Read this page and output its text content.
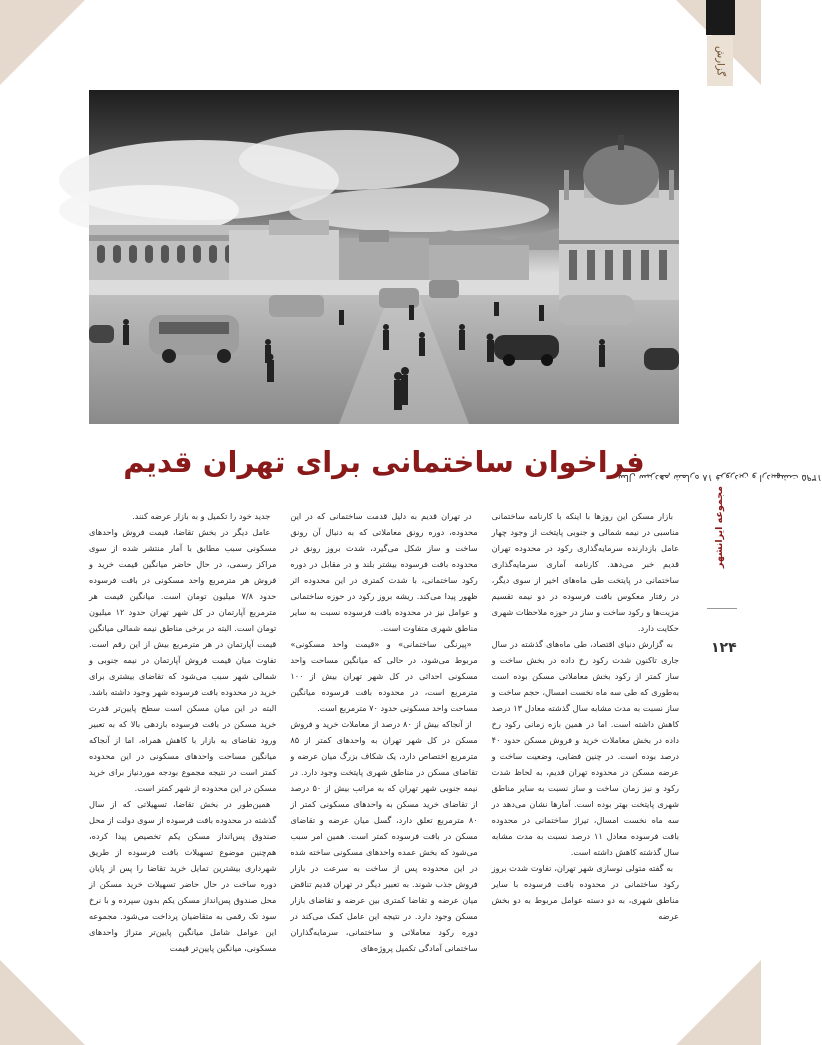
گزارش
مجموعه ایرانشهر سال سیزدهم شماره ۱۸ فروردین و اردیبهشت ۱۳۹۵
۱۲۴
فراخوان ساختمانی برای تهران قدیم

بازار مسکن این روزها با اینکه با کارنامه ساختمانی مناسبی در نیمه شمالی و جنوبی پایتخت از وجود چهار عامل بازدارنده سرمایه‌گذاری رکود در محدوده تهران قدیم خبر می‌دهد. کارنامه آماری سرمایه‌گذاری ساختمانی در پایتخت طی ماه‌های اخیر از سوی دیگر، در رفتار معکوس بافت فرسوده در دو نیمه تقسیم مزیت‌ها و رکود ساخت و ساز در حوزه ملاحظات شهری حکایت دارد.

به گزارش دنیای اقتصاد، طی ماه‌های گذشته در سال جاری تاکنون شدت رکود رخ داده در بخش ساخت و ساز کمتر از رکود بخش معاملاتی مسکن بوده است به‌طوری که طی سه ماه نخست امسال، حجم ساخت و ساز نسبت به مدت مشابه سال گذشته معادل ۱۳ درصد کاهش داشته است. اما در همین بازه زمانی رکود رخ داده در بخش معاملات خرید و فروش مسکن حدود ۴۰ درصد بوده است. در چنین فضایی، وضعیت ساخت و عرضه مسکن در محدوده تهران قدیم، به لحاظ شدت رکود و نیز زمان ساخت و ساز نسبت به سایر مناطق شهری پایتخت بهتر بوده است. آمارها نشان می‌دهد در سه ماه نخست امسال، تیراژ ساختمانی در محدوده بافت فرسوده معادل ۱۱ درصد نسبت به مدت مشابه سال گذشته کاهش داشته است.

به گفته متولی نوسازی شهر تهران، تفاوت شدت بروز رکود ساختمانی در محدوده بافت فرسوده با سایر مناطق شهری، به دو دسته عوامل مربوط به دو بخش عرضه

در تهران قدیم به دلیل قدمت ساختمانی که در این محدوده، دوره رونق معاملاتی که به دنبال آن رونق ساخت و ساز شکل می‌گیرد، شدت بروز رونق در محدوده بافت فرسوده بیشتر بلند و در مقابل در دوره رکود ساختمانی، با شدت کمتری در این محدوده اثر ظهور پیدا می‌کند. ریشه بروز رکود در حوزه ساختمانی و عوامل نیز در محدوده بافت فرسوده نسبت به سایر مناطق شهری متفاوت است.

«پیرنگی ساختمانی» و «قیمت واحد مسکونی» مربوط می‌شود، در حالی که میانگین مساحت واحد مسکونی احداثی در کل شهر تهران بیش از ۱۰۰ مترمربع است، در محدوده بافت فرسوده میانگین مساحت واحد مسکونی حدود ۷۰ مترمربع است.

از آنجاکه بیش از ۸۰ درصد از معاملات خرید و فروش مسکن در کل شهر تهران به واحدهای کمتر از ۸۵ مترمربع اختصاص دارد، یک شکاف بزرگ میان عرضه و تقاضای مسکن در مناطق شهری پایتخت وجود دارد. در نیمه جنوبی شهر تهران که به مراتب بیش از ۵۰ درصد از تقاضای خرید مسکن به واحدهای مسکونی کمتر از ۸۰ مترمربع تعلق دارد، گسل میان عرضه و تقاضای مسکن در بافت فرسوده کمتر است. همین امر سبب می‌شود که بخش عمده واحدهای مسکونی ساخته شده در این محدوده پس از ساخت به سرعت در بازار فروش جذب شوند. به تعبیر دیگر در تهران قدیم تناقض میان عرضه و تقاضا کمتری بین عرضه و تقاضای بازار مسکن وجود دارد. در نتیجه این عامل کمک می‌کند در دوره رکود معاملاتی و ساختمانی، سرمایه‌گذاران ساختمانی آمادگی تکمیل پروژه‌های

جدید خود را تکمیل و به بازار عرضه کنند.

عامل دیگر در بخش تقاضا، قیمت فروش واحدهای مسکونی سبب مطابق با آمار منتشر شده از سوی مراکز رسمی، در حال حاضر میانگین قیمت خرید و فروش هر مترمربع واحد مسکونی در بافت فرسوده حدود ۷/۸ میلیون تومان است. میانگین قیمت هر مترمربع آپارتمان در کل شهر تهران حدود ۱۲ میلیون تومان است. البته در برخی مناطق نیمه شمالی میانگین قیمت آپارتمان در هر مترمربع بیش از این رقم است. تفاوت میان قیمت فروش آپارتمان در نیمه جنوبی و شمالی شهر سبب می‌شود که تقاضای بیشتری برای خرید در محدوده بافت فرسوده شهر وجود داشته باشد. البته در این میان مسکن است سطح پایین‌تر قدرت خرید مسکن در بافت فرسوده بازدهی بالا که به تعبیر ورود تقاضای به بازار با کاهش همراه، اما از آنجاکه میانگین مساحت واحدهای مسکونی در این محدوده کمتر است در نتیجه مجموع بودجه موردنیاز برای خرید مسکن در این محدوده از شهر کمتر است.

همین‌طور در بخش تقاضا، تسهیلاتی که از سال گذشته در محدوده بافت فرسوده از سوی دولت از محل صندوق پس‌انداز مسکن یکم تخصیص پیدا کرده، هم‌چنین موضوع تسهیلات بافت فرسوده از طریق شهرداری بیشترین تمایل خرید تقاضا را پس از پایان دوره ساخت در حال حاضر تسهیلات خرید مسکن از محل صندوق پس‌انداز مسکن یکم بدون سپرده و با نرخ سود تک رقمی به متقاضیان پرداخت می‌شود. مجموعه این عوامل شامل میانگین پایین‌تر متراژ واحدهای مسکونی، میانگین پایین‌تر قیمت
